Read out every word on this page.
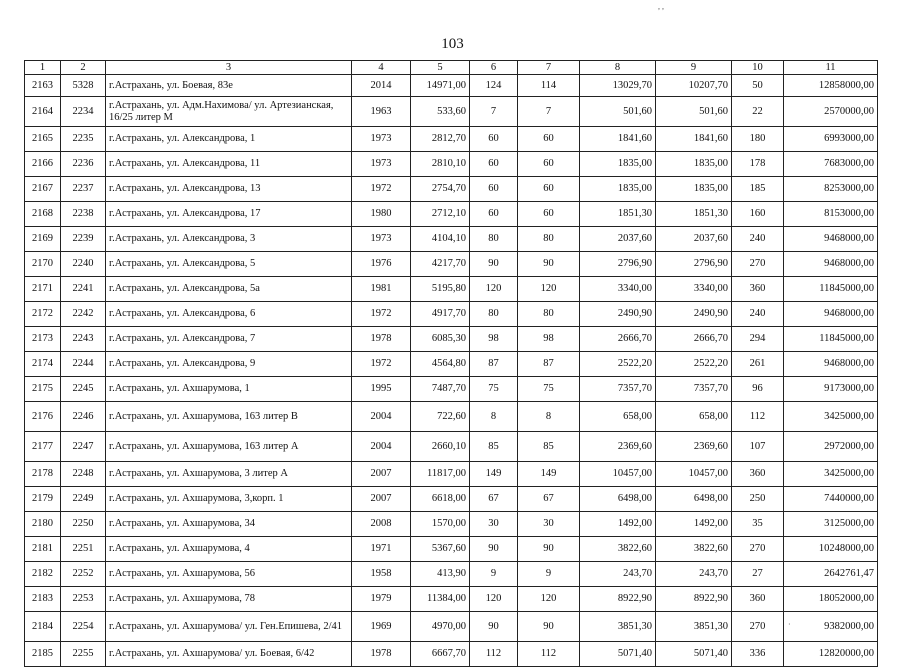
103
1	2	3	4	5	6	7	8	9	10	11
2163	5328	г.Астрахань, ул. Боевая, 83е	2014	14971,00	124	114	13029,70	10207,70	50	12858000,00
2164	2234	г.Астрахань, ул. Адм.Нахимова/ ул. Артезианская, 16/25 литер М	1963	533,60	7	7	501,60	501,60	22	2570000,00
2165	2235	г.Астрахань, ул. Александрова, 1	1973	2812,70	60	60	1841,60	1841,60	180	6993000,00
2166	2236	г.Астрахань, ул. Александрова, 11	1973	2810,10	60	60	1835,00	1835,00	178	7683000,00
2167	2237	г.Астрахань, ул. Александрова, 13	1972	2754,70	60	60	1835,00	1835,00	185	8253000,00
2168	2238	г.Астрахань, ул. Александрова, 17	1980	2712,10	60	60	1851,30	1851,30	160	8153000,00
2169	2239	г.Астрахань, ул. Александрова, 3	1973	4104,10	80	80	2037,60	2037,60	240	9468000,00
2170	2240	г.Астрахань, ул. Александрова, 5	1976	4217,70	90	90	2796,90	2796,90	270	9468000,00
2171	2241	г.Астрахань, ул. Александрова, 5а	1981	5195,80	120	120	3340,00	3340,00	360	11845000,00
2172	2242	г.Астрахань, ул. Александрова, 6	1972	4917,70	80	80	2490,90	2490,90	240	9468000,00
2173	2243	г.Астрахань, ул. Александрова, 7	1978	6085,30	98	98	2666,70	2666,70	294	11845000,00
2174	2244	г.Астрахань, ул. Александрова, 9	1972	4564,80	87	87	2522,20	2522,20	261	9468000,00
2175	2245	г.Астрахань, ул. Ахшарумова, 1	1995	7487,70	75	75	7357,70	7357,70	96	9173000,00
2176	2246	г.Астрахань, ул. Ахшарумова, 163 литер В	2004	722,60	8	8	658,00	658,00	112	3425000,00
2177	2247	г.Астрахань, ул. Ахшарумова, 163 литер А	2004	2660,10	85	85	2369,60	2369,60	107	2972000,00
2178	2248	г.Астрахань, ул. Ахшарумова, 3 литер А	2007	11817,00	149	149	10457,00	10457,00	360	3425000,00
2179	2249	г.Астрахань, ул. Ахшарумова, 3,корп. 1	2007	6618,00	67	67	6498,00	6498,00	250	7440000,00
2180	2250	г.Астрахань, ул. Ахшарумова, 34	2008	1570,00	30	30	1492,00	1492,00	35	3125000,00
2181	2251	г.Астрахань, ул. Ахшарумова, 4	1971	5367,60	90	90	3822,60	3822,60	270	10248000,00
2182	2252	г.Астрахань, ул. Ахшарумова, 56	1958	413,90	9	9	243,70	243,70	27	2642761,47
2183	2253	г.Астрахань, ул. Ахшарумова, 78	1979	11384,00	120	120	8922,90	8922,90	360	18052000,00
2184	2254	г.Астрахань, ул. Ахшарумова/ ул. Ген.Епишева, 2/41	1969	4970,00	90	90	3851,30	3851,30	270	9382000,00
2185	2255	г.Астрахань, ул. Ахшарумова/ ул. Боевая, 6/42	1978	6667,70	112	112	5071,40	5071,40	336	12820000,00
, ,
·
